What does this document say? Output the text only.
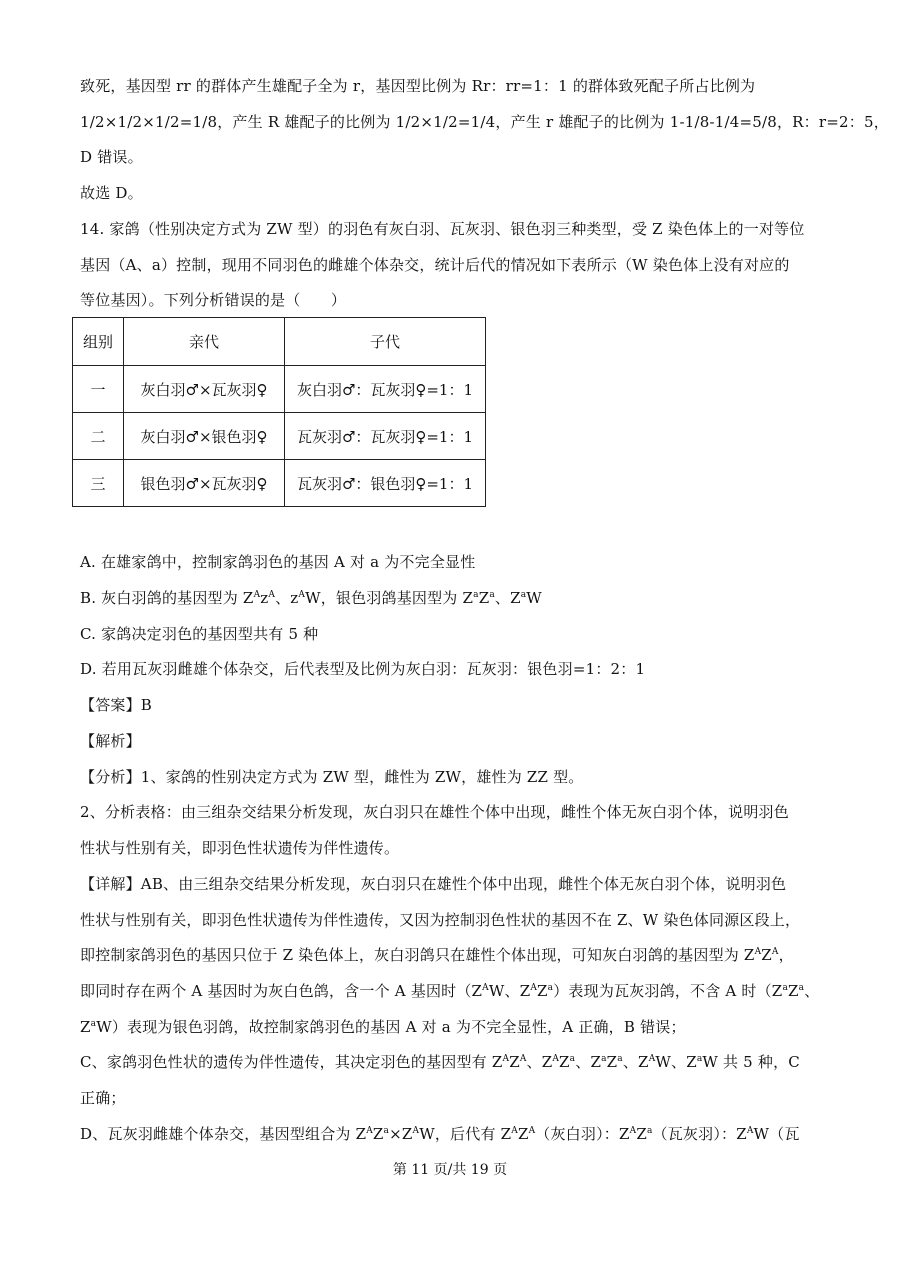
致死，基因型 rr 的群体产生雄配子全为 r，基因型比例为 Rr：rr=1：1 的群体致死配子所占比例为
1/2×1/2×1/2=1/8，产生 R 雄配子的比例为 1/2×1/2=1/4，产生 r 雄配子的比例为 1-1/8-1/4=5/8，R：r=2：5，
D 错误。
故选 D。
14. 家鸽（性别决定方式为 ZW 型）的羽色有灰白羽、瓦灰羽、银色羽三种类型，受 Z 染色体上的一对等位
基因（A、a）控制，现用不同羽色的雌雄个体杂交，统计后代的情况如下表所示（W 染色体上没有对应的
等位基因）。下列分析错误的是（　　）
组别	亲代	子代
一	灰白羽♂×瓦灰羽♀	灰白羽♂：瓦灰羽♀=1：1
二	灰白羽♂×银色羽♀	瓦灰羽♂：瓦灰羽♀=1：1
三	银色羽♂×瓦灰羽♀	瓦灰羽♂：银色羽♀=1：1
A. 在雄家鸽中，控制家鸽羽色的基因 A 对 a 为不完全显性
B. 灰白羽鸽的基因型为 $Z^Az^A$、$z^AW$，银色羽鸽基因型为 $Z^aZ^a$、$Z^aW$
C. 家鸽决定羽色的基因型共有 5 种
D. 若用瓦灰羽雌雄个体杂交，后代表型及比例为灰白羽：瓦灰羽：银色羽=1：2：1
【答案】B
【解析】
【分析】1、家鸽的性别决定方式为 ZW 型，雌性为 ZW，雄性为 ZZ 型。
2、分析表格：由三组杂交结果分析发现，灰白羽只在雄性个体中出现，雌性个体无灰白羽个体，说明羽色
性状与性别有关，即羽色性状遗传为伴性遗传。
【详解】AB、由三组杂交结果分析发现，灰白羽只在雄性个体中出现，雌性个体无灰白羽个体，说明羽色
性状与性别有关，即羽色性状遗传为伴性遗传，又因为控制羽色性状的基因不在 Z、W 染色体同源区段上，
即控制家鸽羽色的基因只位于 Z 染色体上，灰白羽鸽只在雄性个体出现，可知灰白羽鸽的基因型为 $Z^AZ^A$，
即同时存在两个 A 基因时为灰白色鸽，含一个 A 基因时（$Z^AW$、$Z^AZ^a$）表现为瓦灰羽鸽，不含 A 时（$Z^aZ^a$、
$Z^aW$）表现为银色羽鸽，故控制家鸽羽色的基因 A 对 a 为不完全显性，A 正确，B 错误；
C、家鸽羽色性状的遗传为伴性遗传，其决定羽色的基因型有 $Z^AZ^A$、$Z^AZ^a$、$Z^aZ^a$、$Z^AW$、$Z^aW$ 共 5 种，C
正确；
D、瓦灰羽雌雄个体杂交，基因型组合为 $Z^AZ^a\times Z^AW$，后代有 $Z^AZ^A$（灰白羽）：$Z^AZ^a$（瓦灰羽）：$Z^AW$（瓦
第 11 页/共 19 页
